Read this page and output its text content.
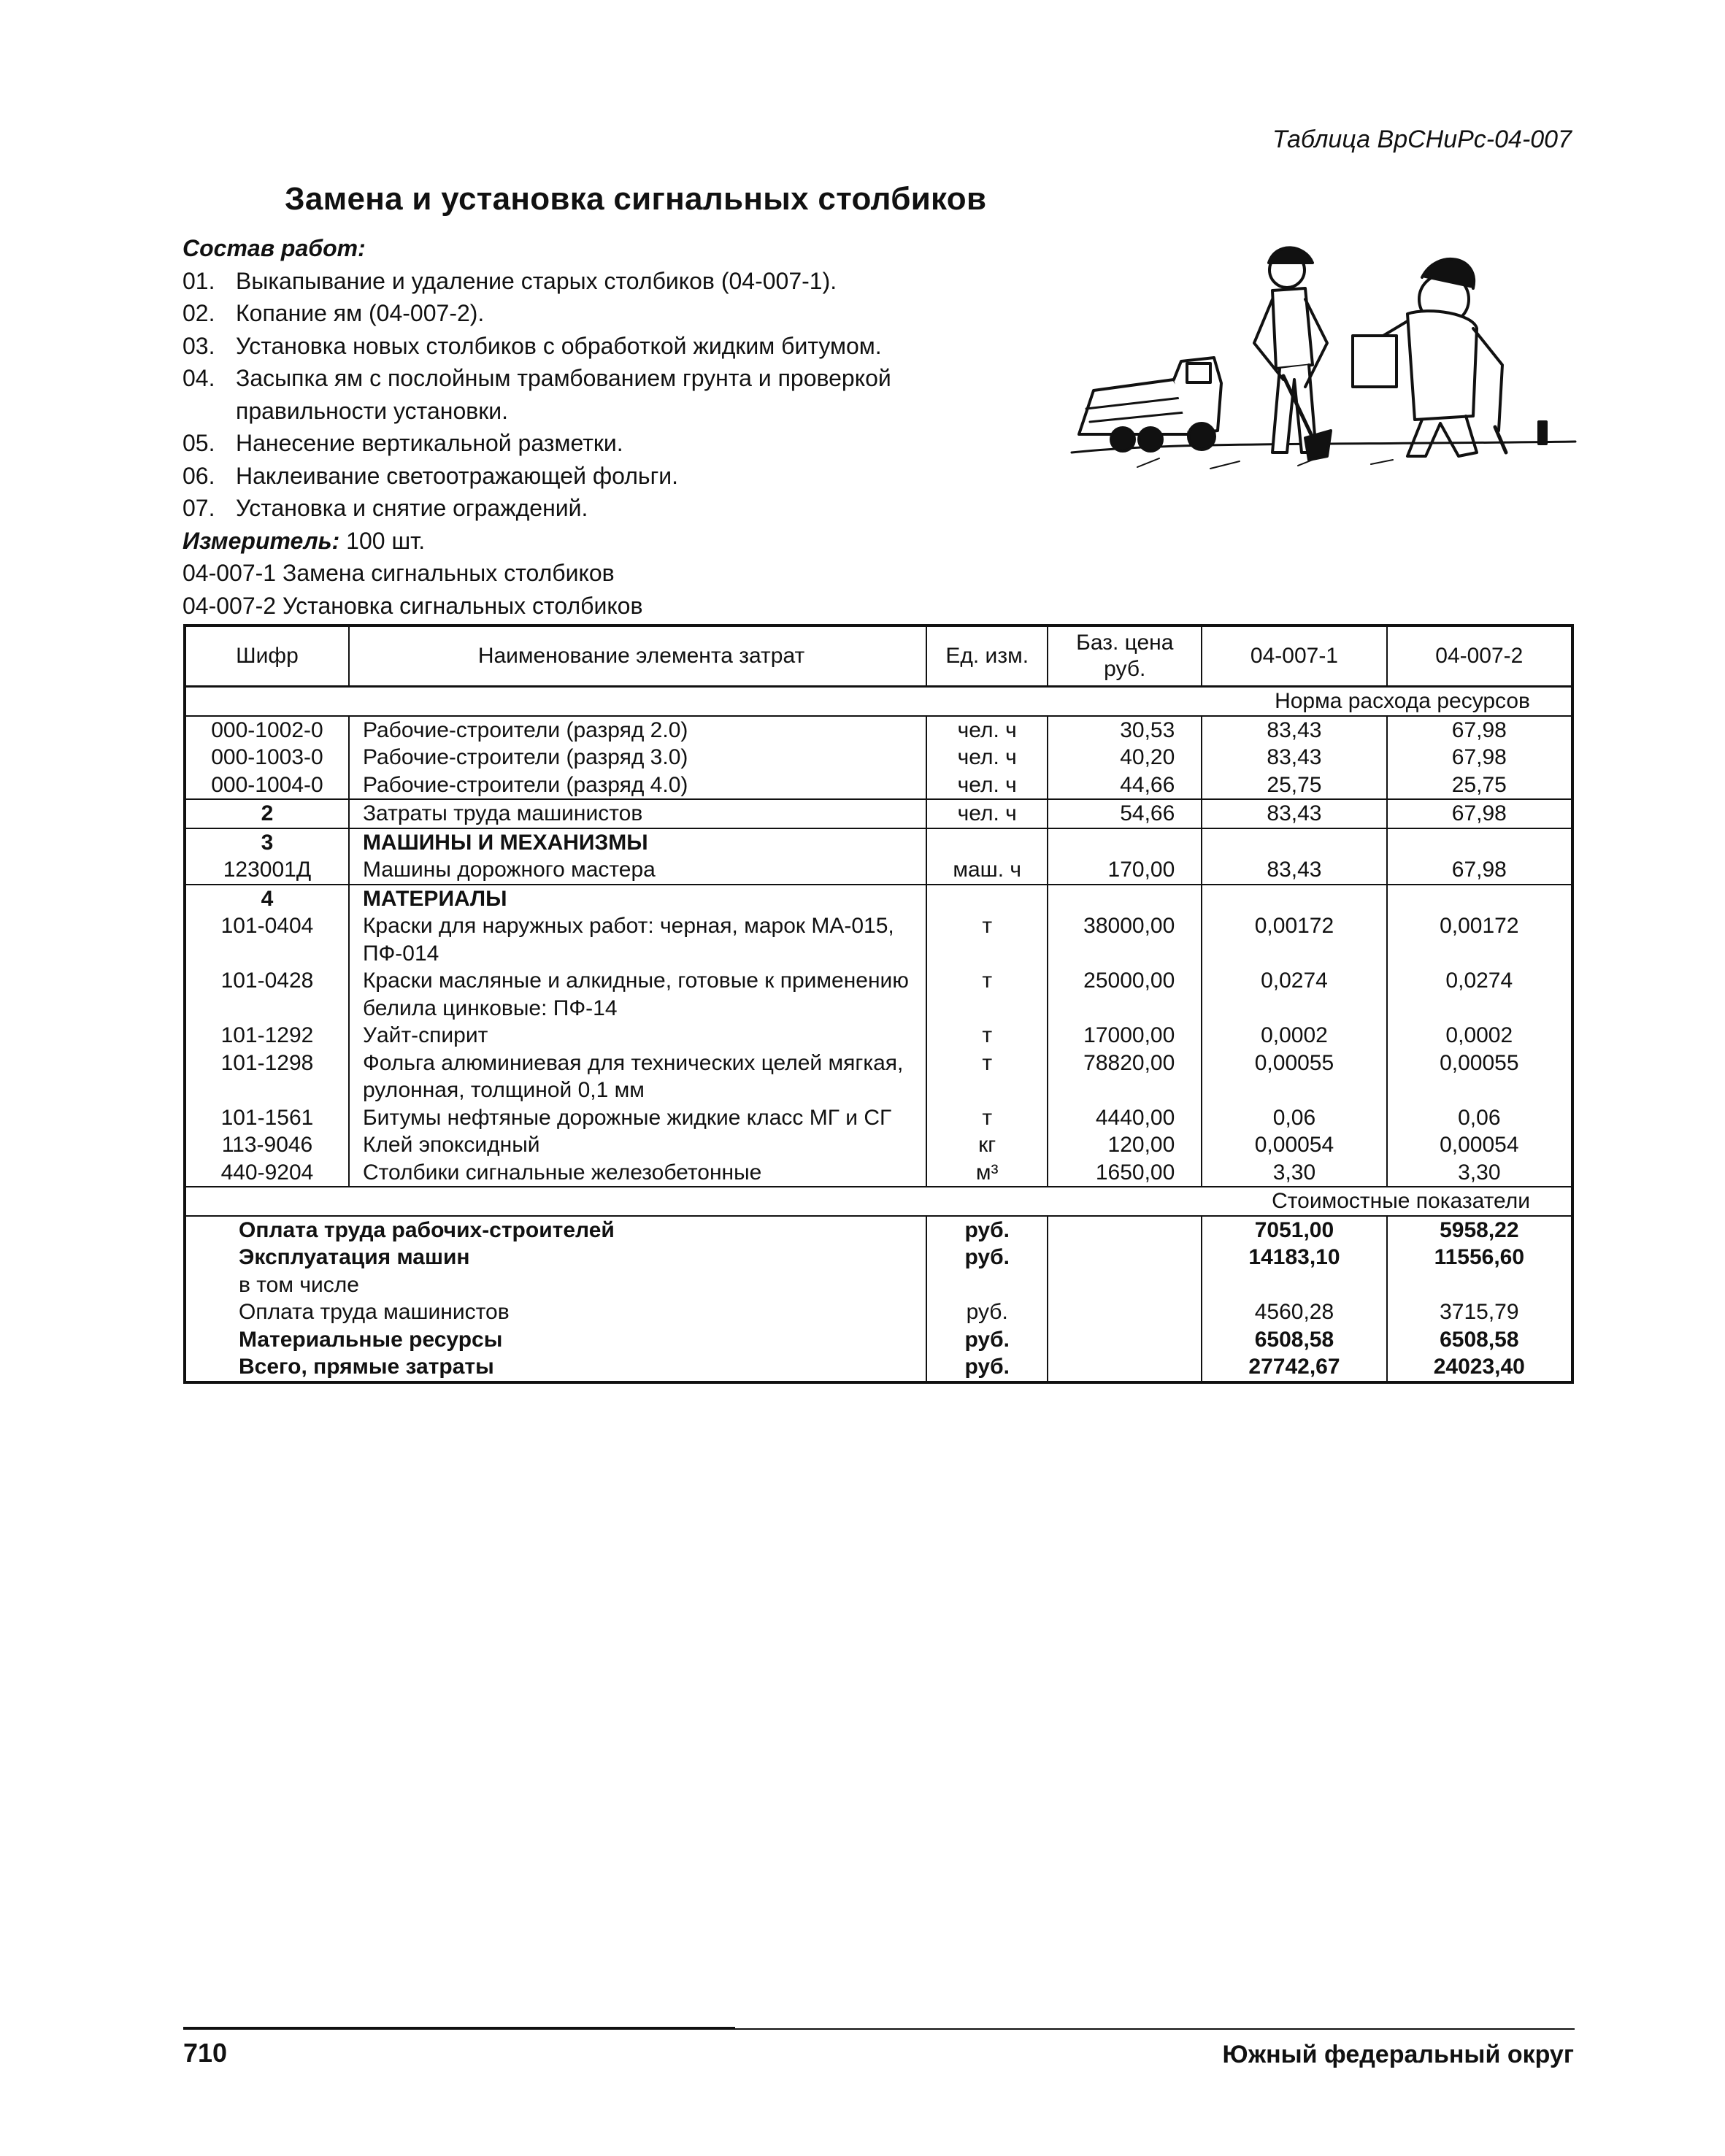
Таблица ВрСНиРс-04-007
Замена и установка сигнальных столбиков
Состав работ:
01. Выкапывание и удаление старых столбиков (04-007-1).
02. Копание ям (04-007-2).
03. Установка новых столбиков с обработкой жидким битумом.
04. Засыпка ям с послойным трамбованием грунта и проверкой правильности установки.
05. Нанесение вертикальной разметки.
06. Наклеивание светоотражающей фольги.
07. Установка и снятие ограждений.
Измеритель: 100 шт.
04-007-1 Замена сигнальных столбиков
04-007-2 Установка сигнальных столбиков
Шифр	Наименование элемента затрат	Ед. изм.	Баз. цена руб.	04-007-1	04-007-2
Норма расхода ресурсов					
000-1002-0	Рабочие-строители (разряд 2.0)	чел. ч	30,53	83,43	67,98
000-1003-0	Рабочие-строители (разряд 3.0)	чел. ч	40,20	83,43	67,98
000-1004-0	Рабочие-строители (разряд 4.0)	чел. ч	44,66	25,75	25,75
2	Затраты труда машинистов	чел. ч	54,66	83,43	67,98
3	МАШИНЫ И МЕХАНИЗМЫ				
123001Д	Машины дорожного мастера	маш. ч	170,00	83,43	67,98
4	МАТЕРИАЛЫ				
101-0404	Краски для наружных работ: черная, марок МА-015, ПФ-014	т	38000,00	0,00172	0,00172
101-0428	Краски масляные и алкидные, готовые к применению белила цинковые: ПФ-14	т	25000,00	0,0274	0,0274
101-1292	Уайт-спирит	т	17000,00	0,0002	0,0002
101-1298	Фольга алюминиевая для технических целей мягкая, рулонная, толщиной 0,1 мм	т	78820,00	0,00055	0,00055
101-1561	Битумы нефтяные дорожные жидкие класс МГ и СГ	т	4440,00	0,06	0,06
113-9046	Клей эпоксидный	кг	120,00	0,00054	0,00054
440-9204	Столбики сигнальные железобетонные	м³	1650,00	3,30	3,30
Стоимостные показатели					
Оплата труда рабочих-строителей		руб.		7051,00	5958,22
Эксплуатация машин		руб.		14183,10	11556,60
в том числе					
Оплата труда машинистов		руб.		4560,28	3715,79
Материальные ресурсы		руб.		6508,58	6508,58
Всего, прямые затраты		руб.		27742,67	24023,40
710	Южный федеральный округ
